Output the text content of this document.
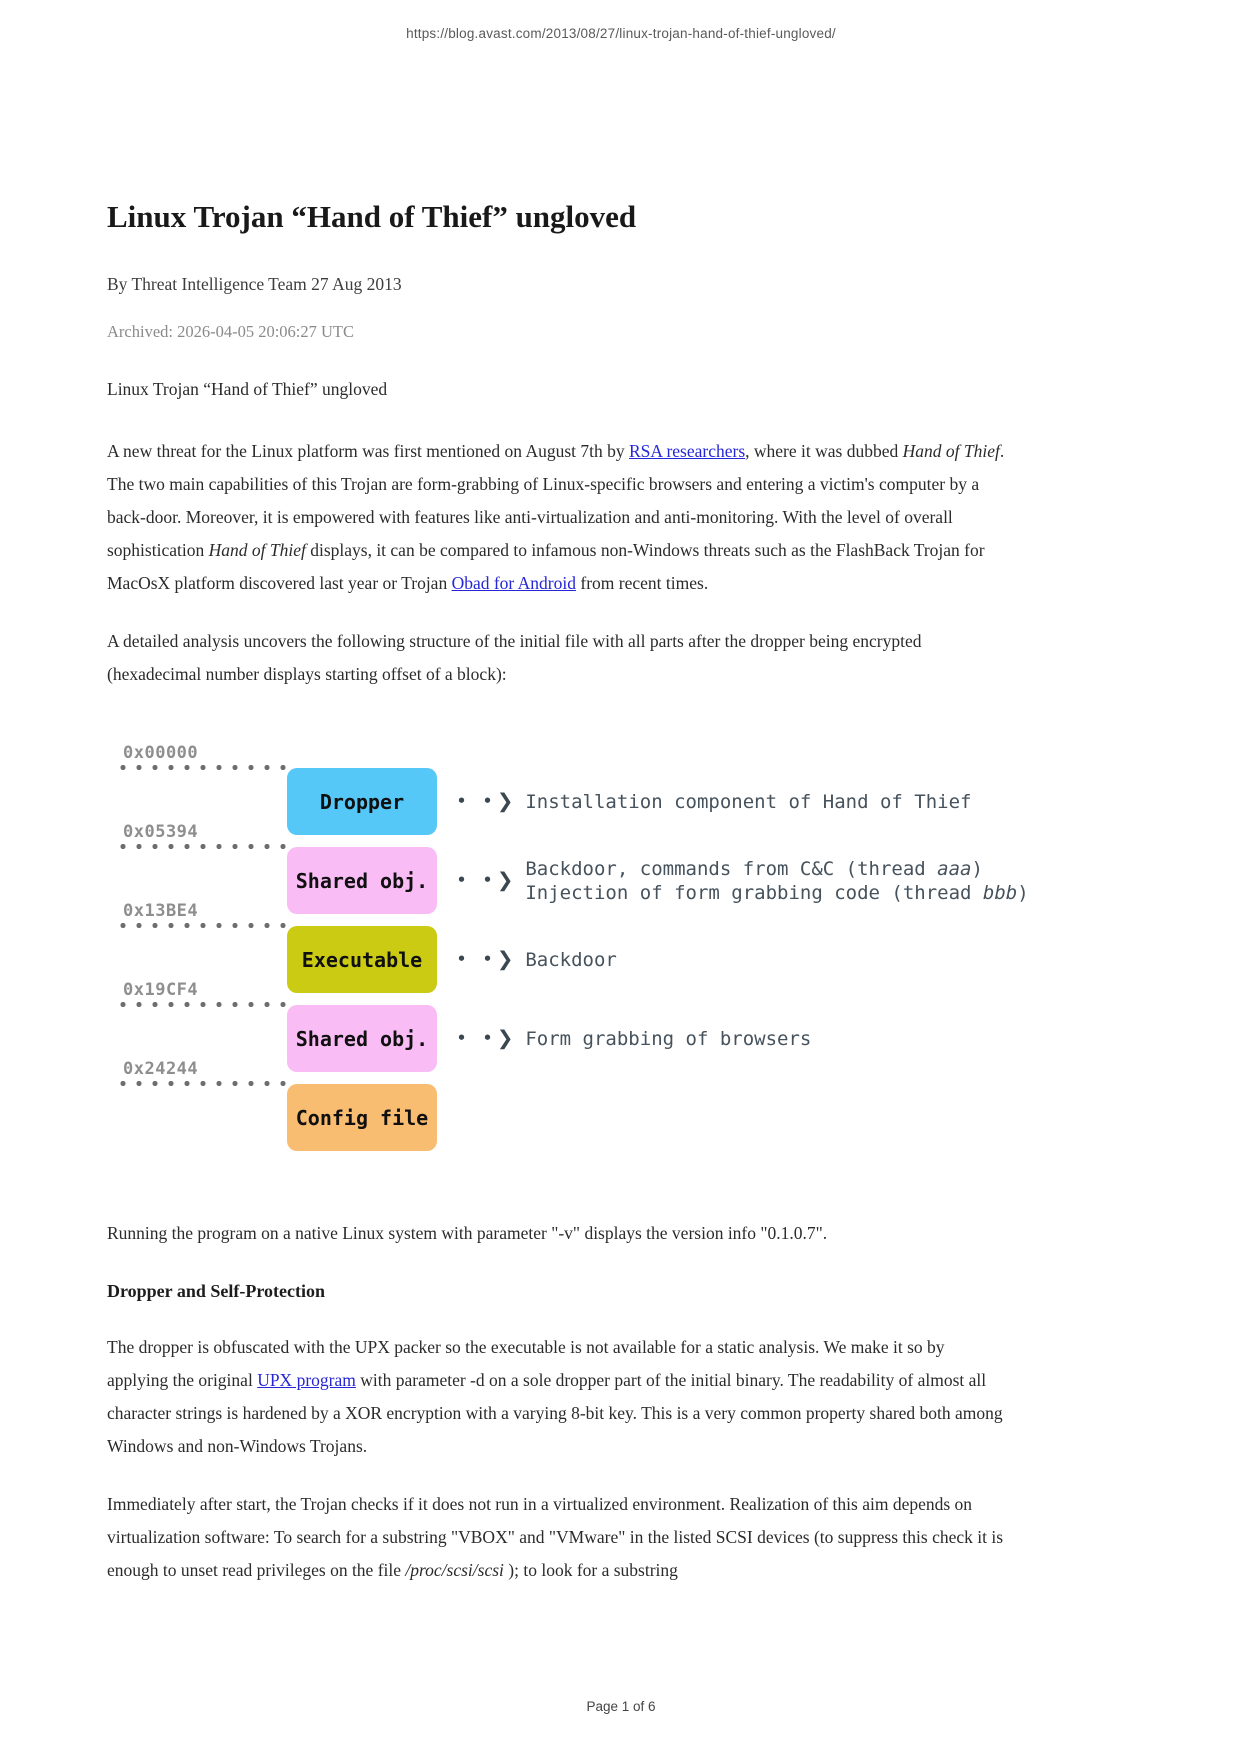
https://blog.avast.com/2013/08/27/linux-trojan-hand-of-thief-ungloved/
Linux Trojan “Hand of Thief” ungloved
By Threat Intelligence Team 27 Aug 2013
Archived: 2026-04-05 20:06:27 UTC
Linux Trojan “Hand of Thief” ungloved

A new threat for the Linux platform was first mentioned on August 7th by RSA researchers, where it was dubbed Hand of Thief. The two main capabilities of this Trojan are form-grabbing of Linux-specific browsers and entering a victim's computer by a back-door. Moreover, it is empowered with features like anti-virtualization and anti-monitoring. With the level of overall sophistication Hand of Thief displays, it can be compared to infamous non-Windows threats such as the FlashBack Trojan for MacOsX platform discovered last year or Trojan Obad for Android from recent times.

A detailed analysis uncovers the following structure of the initial file with all parts after the dropper being encrypted (hexadecimal number displays starting offset of a block):

0x00000
Dropper	• • ❯ Installation component of Hand of Thief
0x05394
Shared obj.	• • ❯ Backdoor, commands from C&C (thread aaa)
Injection of form grabbing code (thread bbb)
0x13BE4
Executable	• • ❯ Backdoor
0x19CF4
Shared obj.	• • ❯ Form grabbing of browsers
0x24244
Config file

Running the program on a native Linux system with parameter "-v" displays the version info "0.1.0.7".

Dropper and Self-Protection

The dropper is obfuscated with the UPX packer so the executable is not available for a static analysis. We make it so by applying the original UPX program with parameter -d on a sole dropper part of the initial binary. The readability of almost all character strings is hardened by a XOR encryption with a varying 8-bit key. This is a very common property shared both among Windows and non-Windows Trojans.

Immediately after start, the Trojan checks if it does not run in a virtualized environment. Realization of this aim depends on virtualization software: To search for a substring "VBOX" and "VMware" in the listed SCSI devices (to suppress this check it is enough to unset read privileges on the file /proc/scsi/scsi ); to look for a substring

Page 1 of 6
